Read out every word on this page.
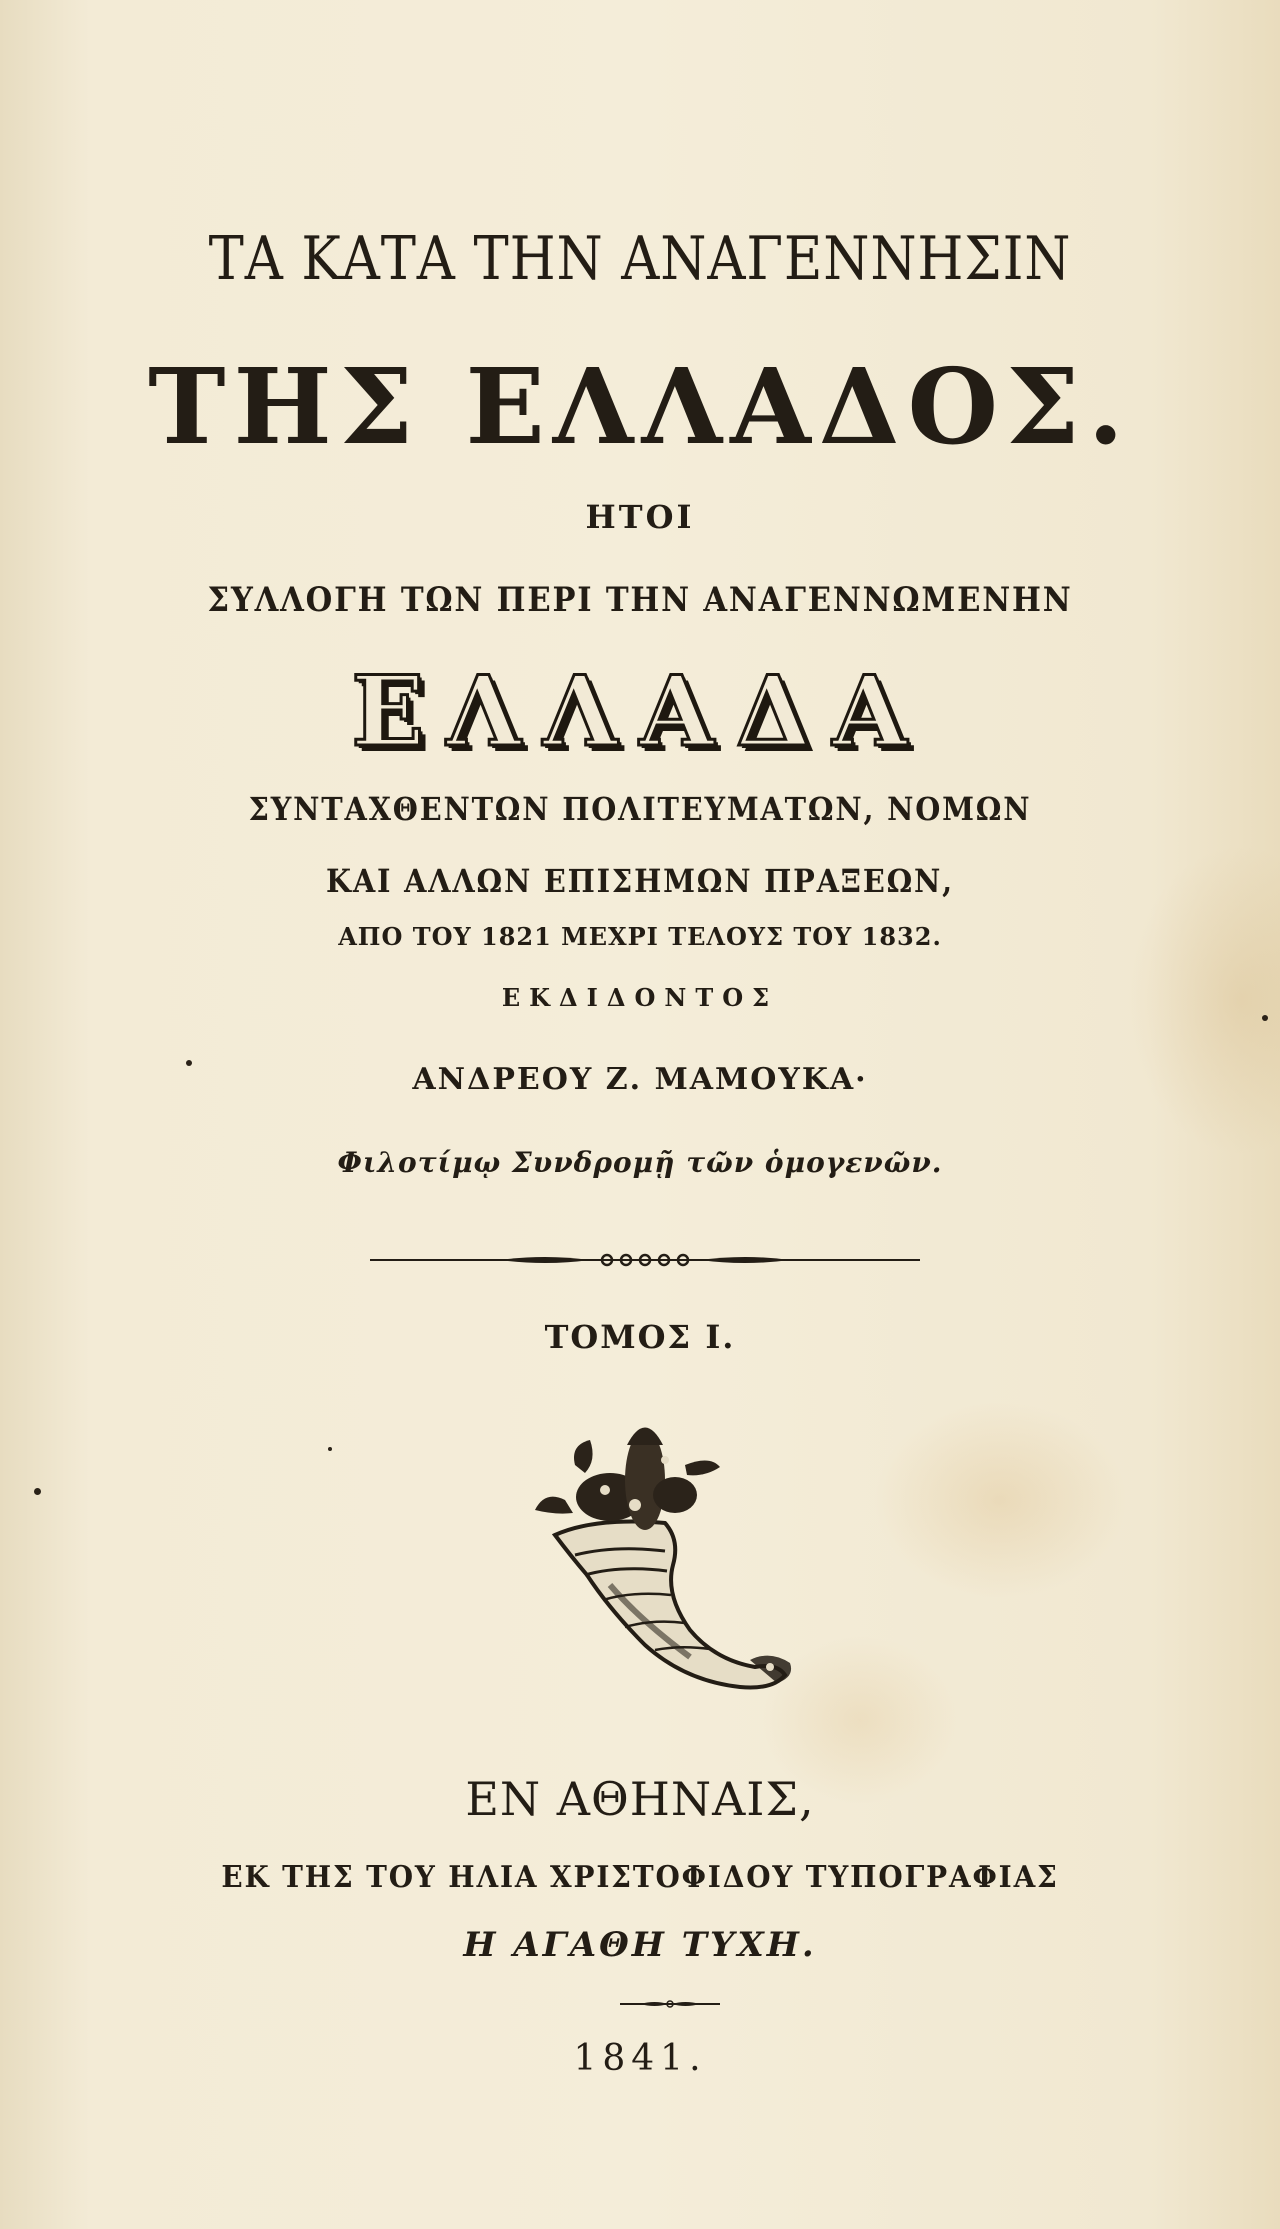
ΤΑ ΚΑΤΑ ΤΗΝ ΑΝΑΓΕΝΝΗΣΙΝ
ΤΗΣ ΕΛΛΑΔΟΣ.
ΗΤΟΙ
ΣΥΛΛΟΓΗ ΤΩΝ ΠΕΡΙ ΤΗΝ ΑΝΑΓΕΝΝΩΜΕΝΗΝ
ΕΛΛΑΔΑ
ΣΥΝΤΑΧΘΕΝΤΩΝ ΠΟΛΙΤΕΥΜΑΤΩΝ, ΝΟΜΩΝ
ΚΑΙ ΑΛΛΩΝ ΕΠΙΣΗΜΩΝ ΠΡΑΞΕΩΝ,
ΑΠΟ ΤΟΥ 1821 ΜΕΧΡΙ ΤΕΛΟΥΣ ΤΟΥ 1832.
ΕΚΔΙΔΟΝΤΟΣ
ΑΝΔΡΕΟΥ Ζ. ΜΑΜΟΥΚΑ·
Φιλοτίμῳ Συνδρομῇ τῶν ὁμογενῶν.
ΤΟΜΟΣ Ι.
ΕΝ ΑΘΗΝΑΙΣ,
ΕΚ ΤΗΣ ΤΟΥ ΗΛΙΑ ΧΡΙΣΤΟΦΙΔΟΥ ΤΥΠΟΓΡΑΦΙΑΣ
Η ΑΓΑΘΗ ΤΥΧΗ.
1841.
